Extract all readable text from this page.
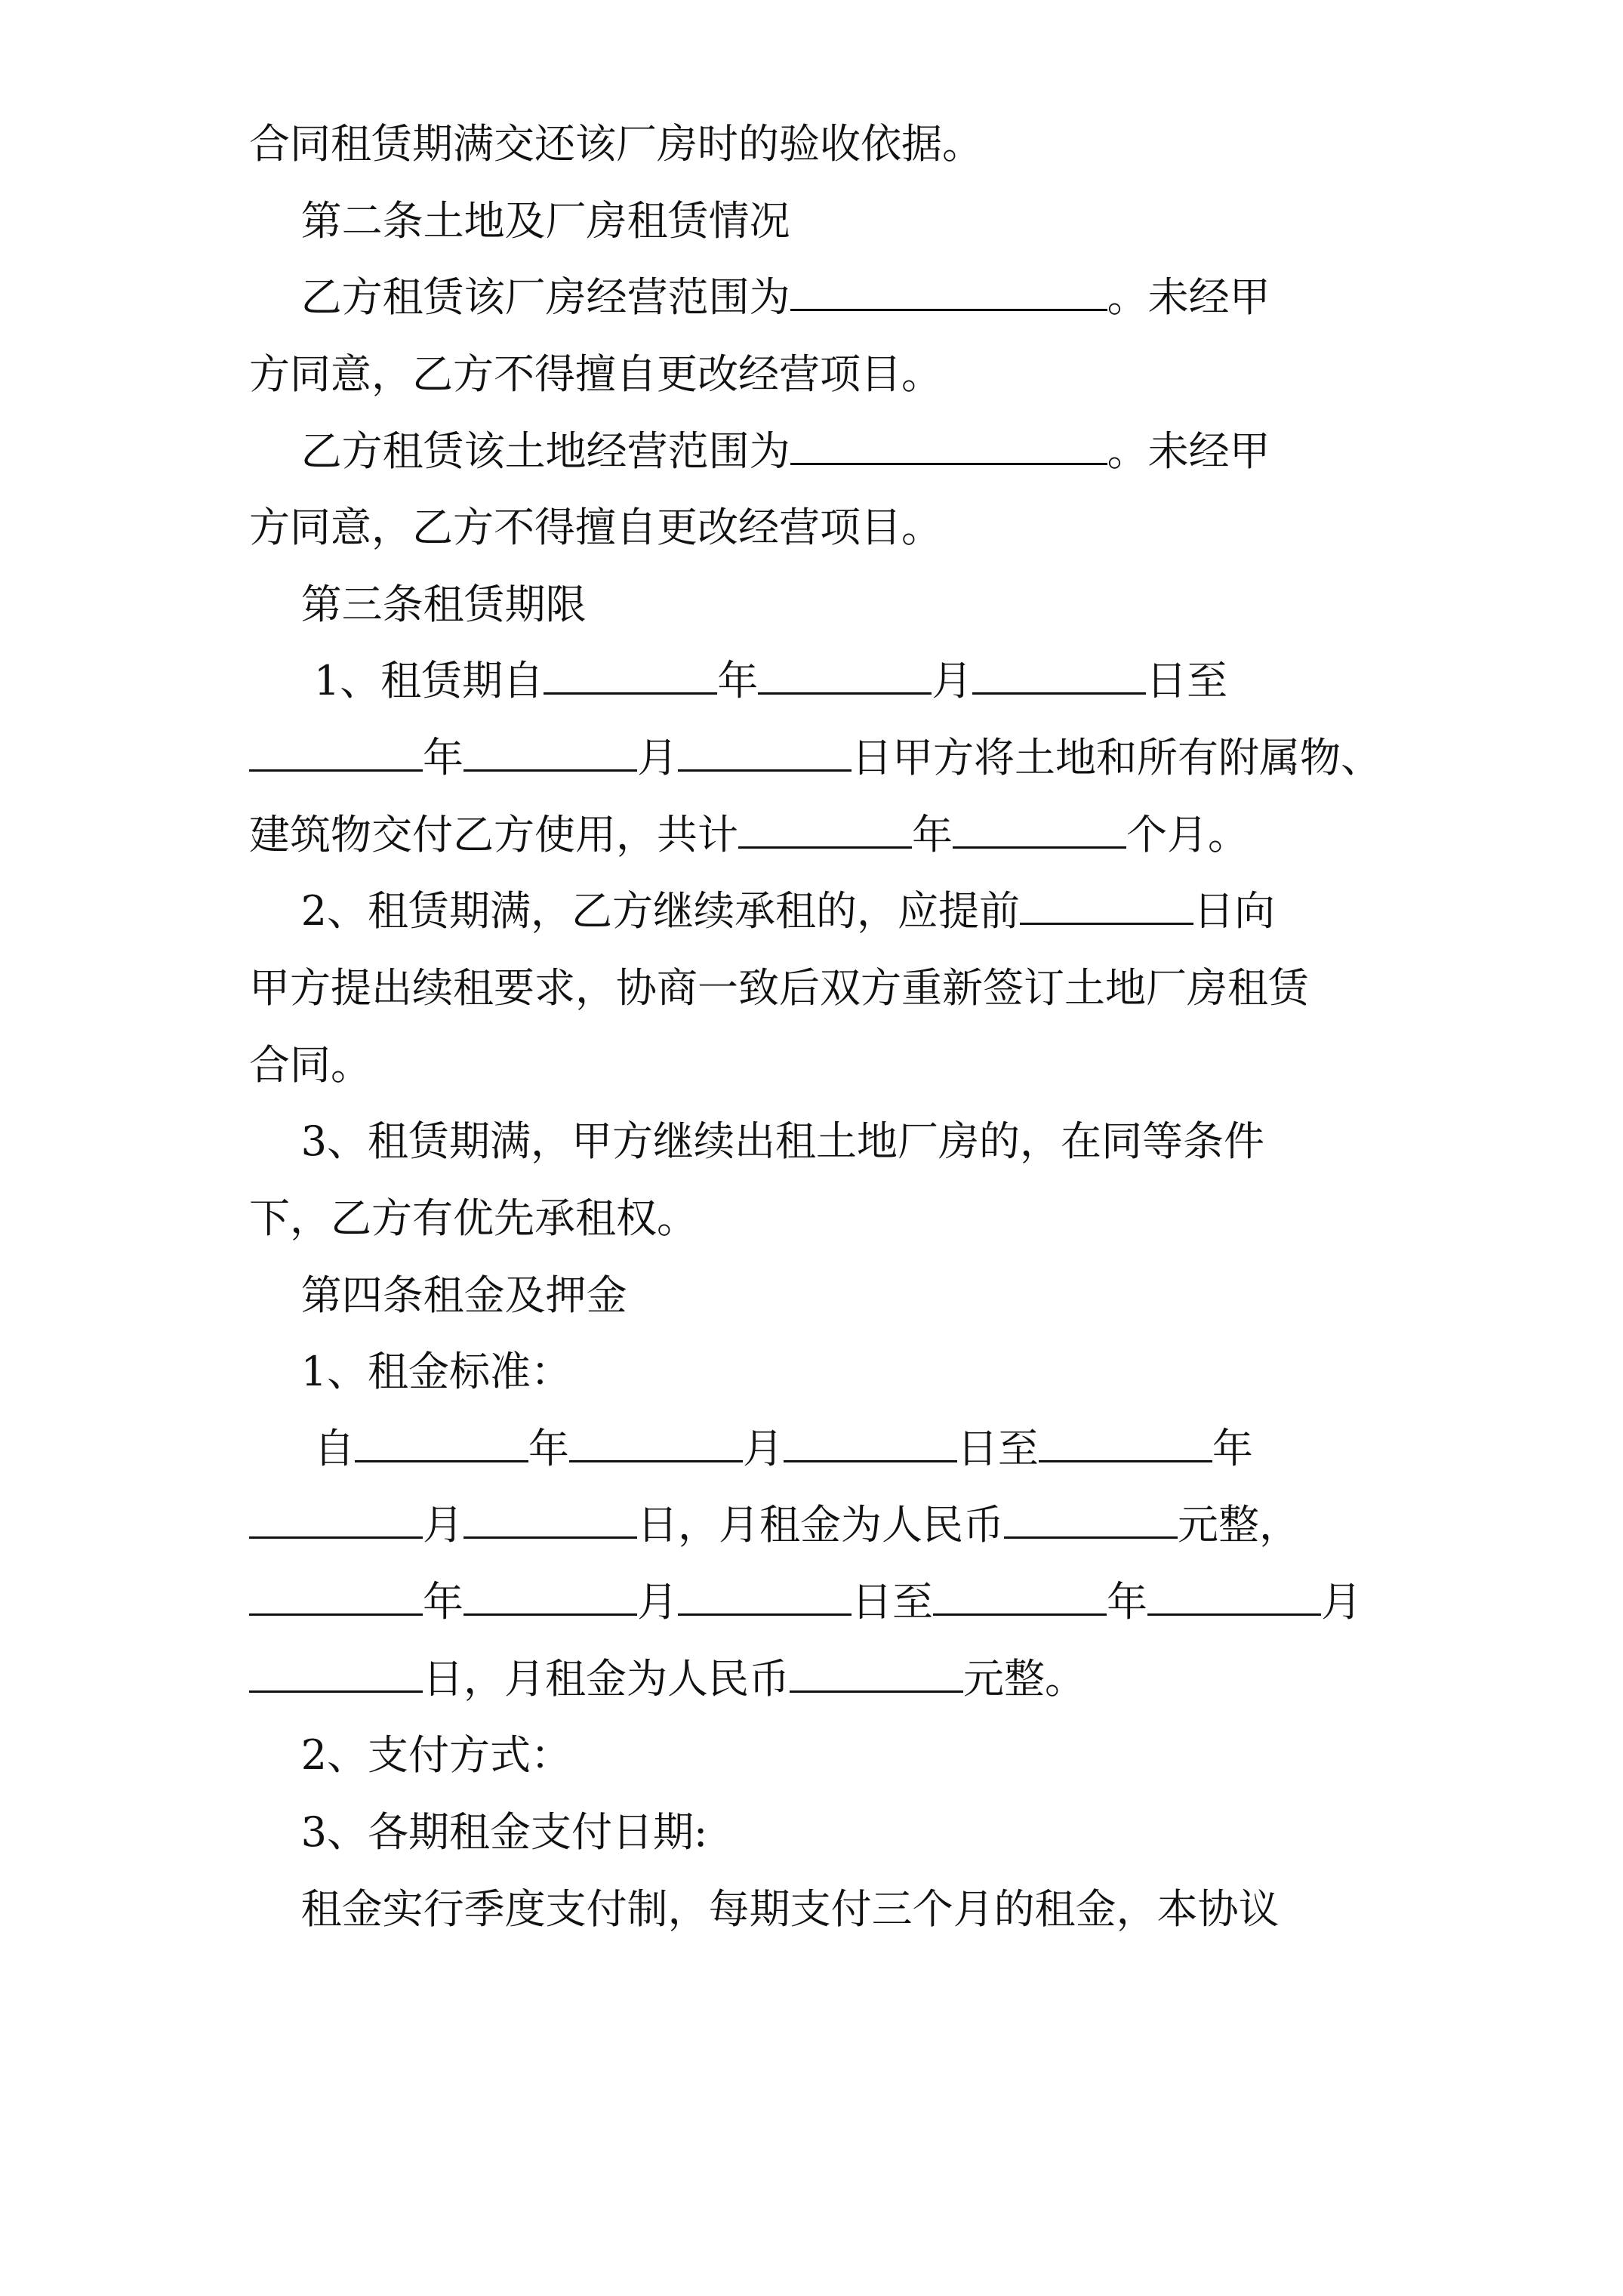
合同租赁期满交还该厂房时的验收依据。
第二条土地及厂房租赁情况
乙方租赁该厂房经营范围为	。未经甲
方同意，乙方不得擅自更改经营项目。
乙方租赁该土地经营范围为	。未经甲
方同意，乙方不得擅自更改经营项目。
第三条租赁期限
1、租赁期自	年	月	日至
年	月	日甲方将土地和所有附属物、
建筑物交付乙方使用，共计	年	个月。
2、租赁期满，乙方继续承租的，应提前	日向
甲方提出续租要求，协商一致后双方重新签订土地厂房租赁
合同。
3、租赁期满，甲方继续出租土地厂房的，在同等条件
下，乙方有优先承租权。
第四条租金及押金
1、租金标准：
自	年	月	日至	年
月	日，月租金为人民币	元整，
年	月	日至	年	月
日，月租金为人民币	元整。
2、支付方式：
3、各期租金支付日期:
租金实行季度支付制，每期支付三个月的租金，本协议
